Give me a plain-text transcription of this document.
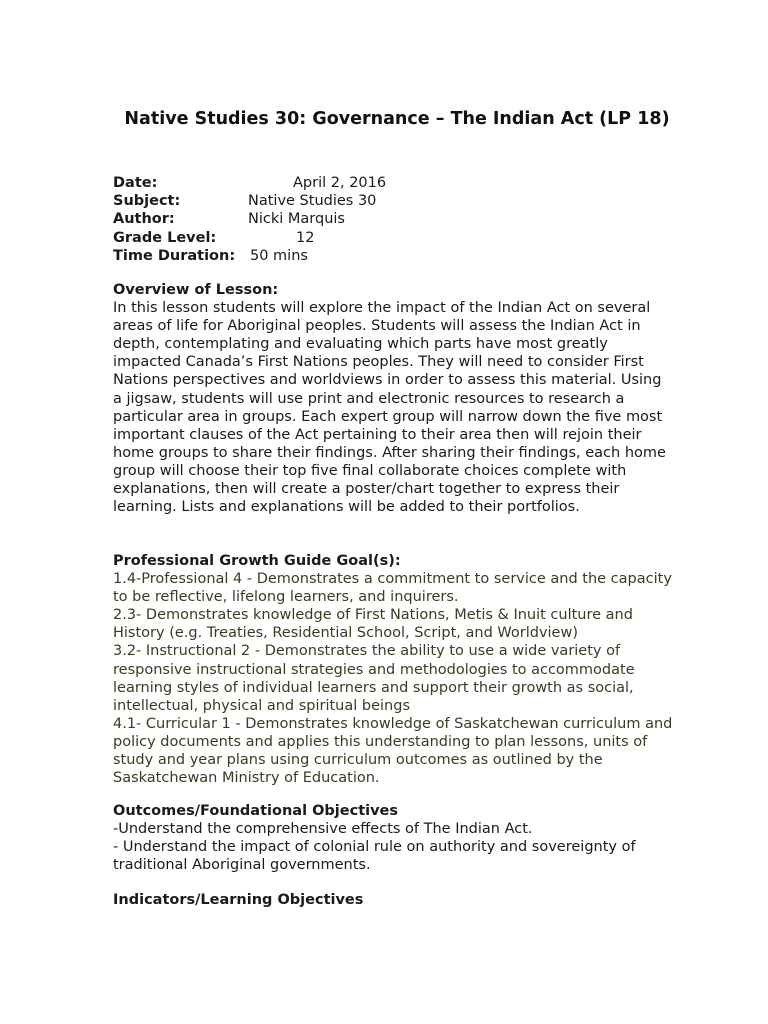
Native Studies 30: Governance – The Indian Act (LP 18)
Date:	April 2, 2016
Subject:	Native Studies 30
Author:	Nicki Marquis
Grade Level:	12
Time Duration: 50 mins
Overview of Lesson:

In this lesson students will explore the impact of the Indian Act on several areas of life for Aboriginal peoples. Students will assess the Indian Act in depth, contemplating and evaluating which parts have most greatly impacted Canada’s First Nations peoples. They will need to consider First Nations perspectives and worldviews in order to assess this material. Using a jigsaw, students will use print and electronic resources to research a particular area in groups. Each expert group will narrow down the five most important clauses of the Act pertaining to their area then will rejoin their home groups to share their findings. After sharing their findings, each home group will choose their top five final collaborate choices complete with explanations, then will create a poster/chart together to express their learning. Lists and explanations will be added to their portfolios.

Professional Growth Guide Goal(s):

1.4-Professional 4 - Demonstrates a commitment to service and the capacity to be reflective, lifelong learners, and inquirers.

2.3- Demonstrates knowledge of First Nations, Metis & Inuit culture and History (e.g. Treaties, Residential School, Script, and Worldview)

3.2- Instructional 2 - Demonstrates the ability to use a wide variety of responsive instructional strategies and methodologies to accommodate learning styles of individual learners and support their growth as social, intellectual, physical and spiritual beings

4.1- Curricular 1 - Demonstrates knowledge of Saskatchewan curriculum and policy documents and applies this understanding to plan lessons, units of study and year plans using curriculum outcomes as outlined by the Saskatchewan Ministry of Education.

Outcomes/Foundational Objectives

-Understand the comprehensive effects of The Indian Act.

- Understand the impact of colonial rule on authority and sovereignty of traditional Aboriginal governments.

Indicators/Learning Objectives
